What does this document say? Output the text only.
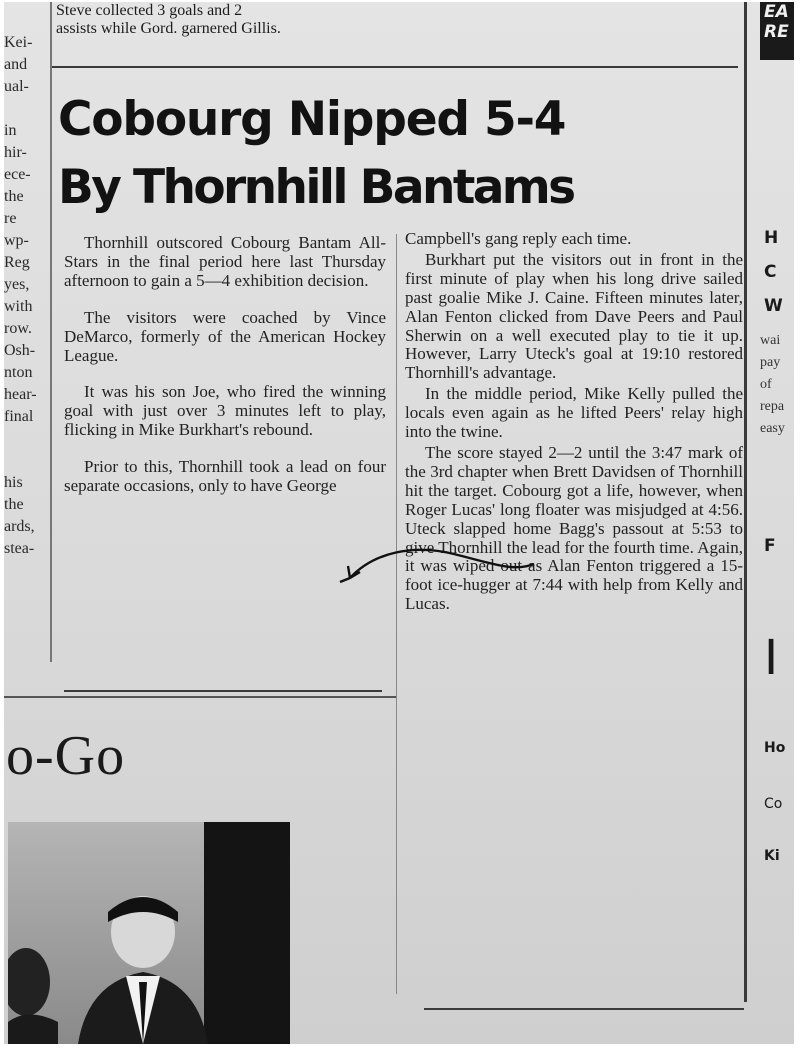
Steve collected 3 goals and 2
assists while Gord. garnered Gillis.
Cobourg Nipped 5-4
By Thornhill Bantams

Thornhill outscored Cobourg Bantam All-Stars in the final period here last Thursday afternoon to gain a 5—4 exhibition decision.

The visitors were coached by Vince DeMarco, formerly of the American Hockey League.

It was his son Joe, who fired the winning goal with just over 3 minutes left to play, flicking in Mike Burkhart's rebound.

Prior to this, Thornhill took a lead on four separate occasions, only to have George

Campbell's gang reply each time.

Burkhart put the visitors out in front in the first minute of play when his long drive sailed past goalie Mike J. Caine. Fifteen minutes later, Alan Fenton clicked from Dave Peers and Paul Sherwin on a well executed play to tie it up. However, Larry Uteck's goal at 19:10 restored Thornhill's advantage.

In the middle period, Mike Kelly pulled the locals even again as he lifted Peers' relay high into the twine.

The score stayed 2—2 until the 3:47 mark of the 3rd chapter when Brett Davidsen of Thornhill hit the target. Cobourg got a life, however, when Roger Lucas' long floater was misjudged at 4:56. Uteck slapped home Bagg's passout at 5:53 to give Thornhill the lead for the fourth time. Again, it was wiped out as Alan Fenton triggered a 15-foot ice-hugger at 7:44 with help from Kelly and Lucas.

Kei-
and
ual-
in
hir-
ece-
the
re
wp-
Reg
yes,
with
row.
Osh-
nton
hear-
final
his
the
ards,
stea-
EA
RE
H
C
W
wai
pay
of
repa
easy
F
I
Ho
Co
Ki
o-Go
